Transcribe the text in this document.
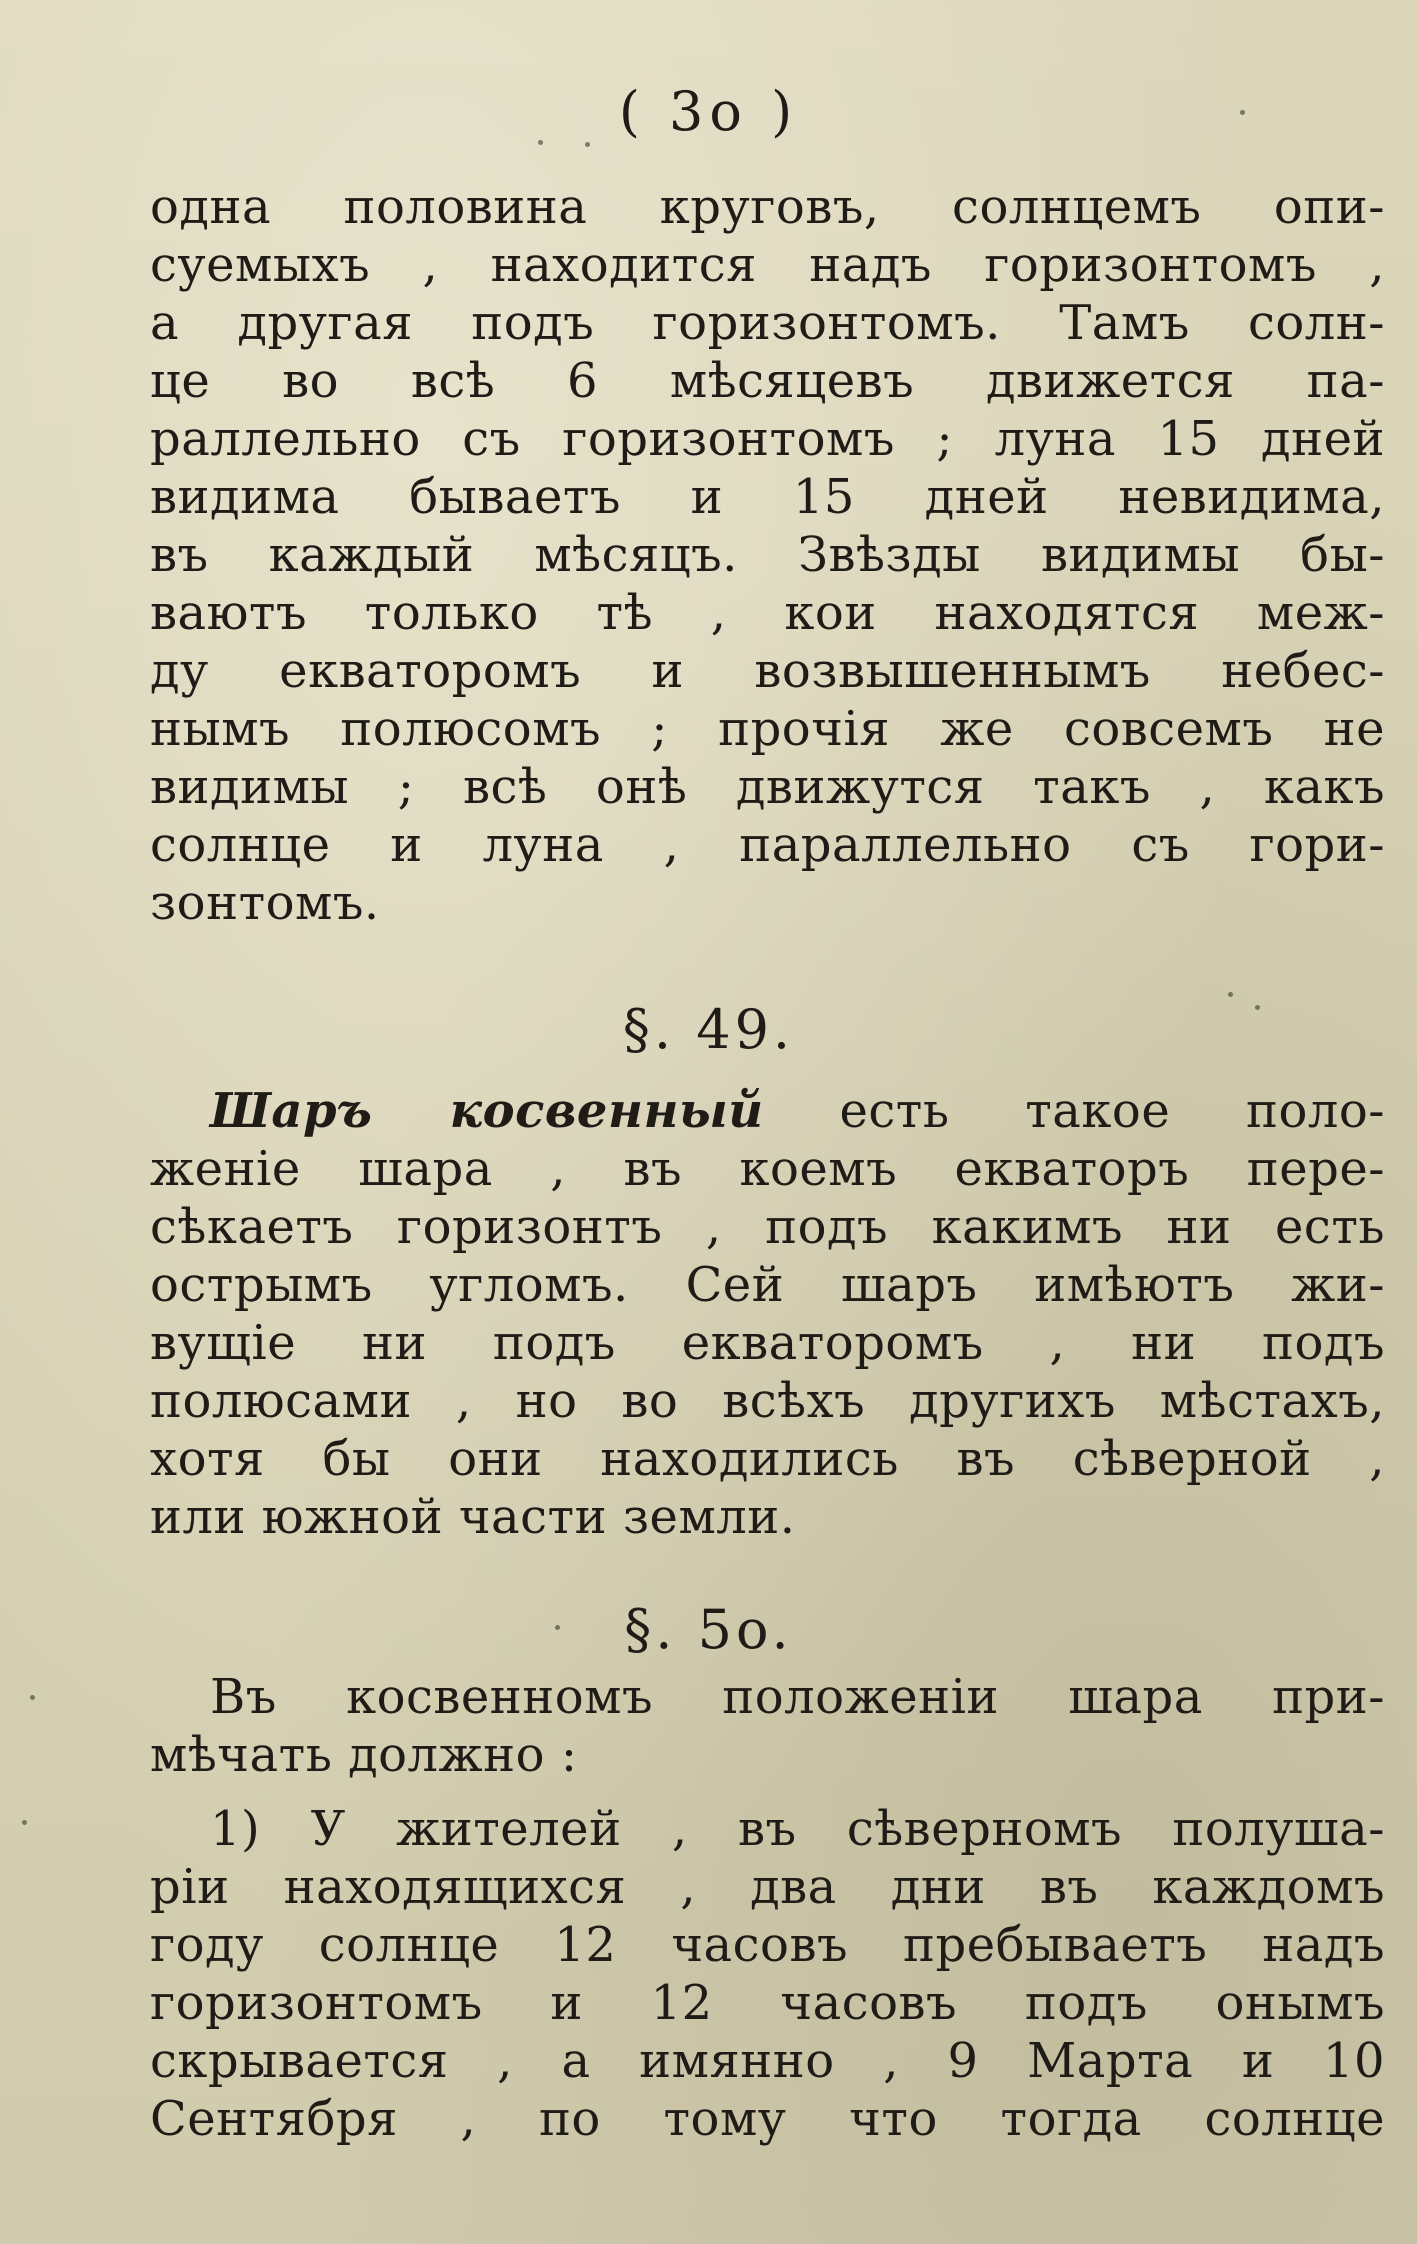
( 3o )
одна половина круговъ, солнцемъ опи-
суемыхъ , находится надъ горизонтомъ ,
а другая подъ горизонтомъ. Тамъ солн-
це во всѣ 6 мѣсяцевъ движется па-
раллельно съ горизонтомъ ; луна 15 дней
видима бываетъ и 15 дней невидима,
въ каждый мѣсяцъ. Звѣзды видимы бы-
ваютъ только тѣ , кои находятся меж-
ду екваторомъ и возвышеннымъ небес-
нымъ полюсомъ ; прочія же совсемъ не
видимы ; всѣ онѣ движутся такъ , какъ
солнце и луна , параллельно съ гори-
зонтомъ.
§. 49.
Шаръ косвенный есть такое поло-
женіе шара , въ коемъ екваторъ пере-
сѣкаетъ горизонтъ , подъ какимъ ни есть
острымъ угломъ. Сей шаръ имѣютъ жи-
вущіе ни подъ екваторомъ , ни подъ
полюсами , но во всѣхъ другихъ мѣстахъ,
хотя бы они находились въ сѣверной ,
или южной части земли.
§. 5o.
Въ косвенномъ положеніи шара при-
мѣчать должно :
1) У жителей , въ сѣверномъ полуша-
ріи находящихся , два дни въ каждомъ
году солнце 12 часовъ пребываетъ надъ
горизонтомъ и 12 часовъ подъ онымъ
скрывается , а имянно , 9 Марта и 10
Сентября , по тому что тогда солнце
